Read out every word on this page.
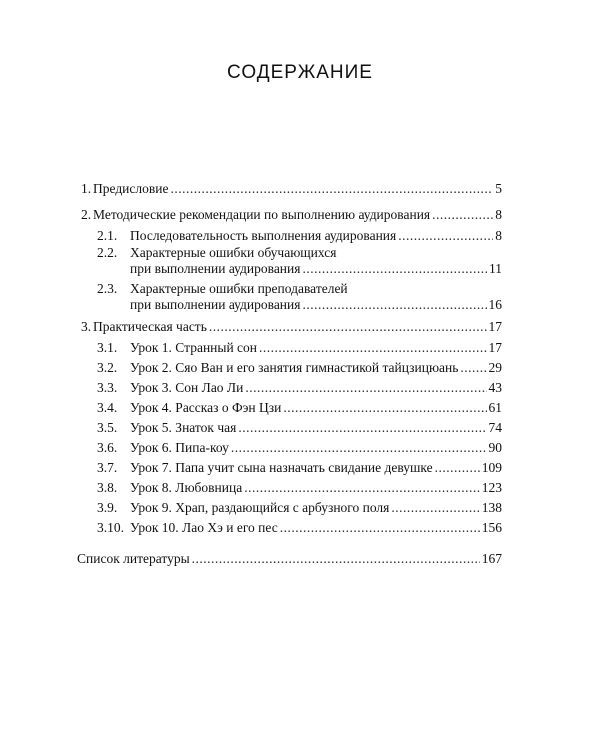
СОДЕРЖАНИЕ
1. Предисловие .....	5
2. Методические рекомендации по выполнению аудирования .....	8
2.1. Последовательность выполнения аудирования .....	8
2.2. Характерные ошибки обучающихся
при выполнении аудирования .....	11
2.3. Характерные ошибки преподавателей
при выполнении аудирования .....	16
3. Практическая часть .....	17
3.1. Урок 1. Странный сон .....	17
3.2. Урок 2. Сяо Ван и его занятия гимнастикой тайцзицюань ..... 29
3.3. Урок 3. Сон Лао Ли .....	43
3.4. Урок 4. Рассказ о Фэн Цзи .....	61
3.5. Урок 5. Знаток чая .....	74
3.6. Урок 6. Пипа-коу .....	90
3.7. Урок 7. Папа учит сына назначать свидание девушке .....	109
3.8. Урок 8. Любовница .....	123
3.9. Урок 9. Храп, раздающийся с арбузного поля .....	138
3.10. Урок 10. Лао Хэ и его пес .....	156
Список литературы .....	167
